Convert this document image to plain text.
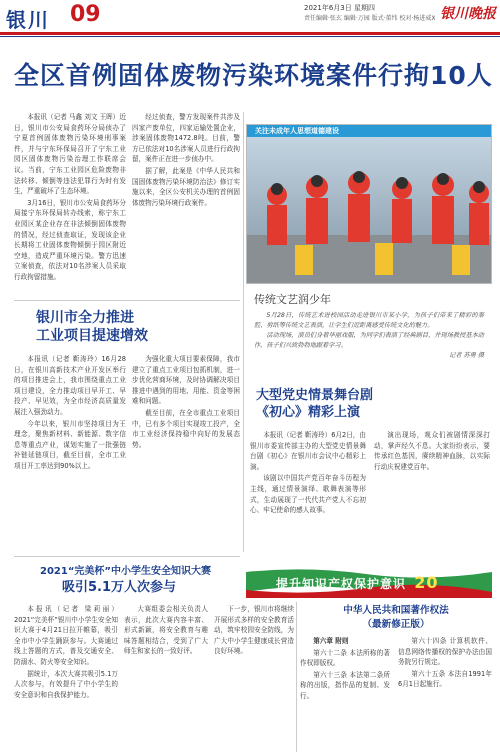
银川 09	2021年6月3日 星期四
责任编辑·张玄 编辑·万园 版式·董纬 校对·杨进威X 银川晚报
全区首例固体废物污染环境案件行拘10人

本报讯（记者 马鑫 刘文 王晖）近日，银川市公安局食药环分局侦办了宁夏首例固体废物污染环境刑事案件，并与宁东环保局召开了宁东工业园区固体废物污染治理工作联席会议。当前，宁东工业园区危险废物非法转移、倾倒等违法犯罪行为时有发生，严重破坏了生态环境。

3月16日，银川市公安局食药环分局接宁东环保局转办线索，称宁东工业园区某企业存在非法倾倒固体废物的情况，经过侦查取证，发现该企业长期将工业固体废物倾倒于园区附近空地，造成严重环境污染。警方迅速立案侦查，依法对10名涉案人员采取行政拘留措施。

经过侦查，警方发现案件共涉及四家产废单位，四家运输处置企业，涉案固体废物1472.8吨。目前，警方已依法对10名涉案人员进行行政拘留，案件正在进一步侦办中。

据了解，此案是《中华人民共和国固体废物污染环境防治法》修订实施以来，全区公安机关办理的首例固体废物污染环境行政案件。

关注未成年人思想道德建设
传统文艺润少年

5月28日，传统艺术进校园活动走进银川市某小学，为孩子们带来了精彩的秦腔、剪纸等传统文艺表演，让学生们近距离感受传统文化的魅力。

活动现场，演员们身着华丽戏服，为同学们表演了经典剧目，并现场教授基本动作，孩子们兴致勃勃地跟着学习。

记者 苏勇 摄

银川市全力推进
工业项目提速增效

本报讯（记者 靳涛玲）16月28日，在银川高新技术产业开发区举行的项目推进会上，我市围绕重点工业项目建设，全力推动项目早开工、早投产、早见效，为全市经济高质量发展注入强劲动力。

今年以来，银川市坚持项目为王理念，聚焦新材料、新能源、数字信息等重点产业，谋划实施了一批强链补链延链项目，截至目前，全市工业项目开工率达到90%以上。

为强化重大项目要素保障，我市建立了重点工业项目包抓机制，进一步优化营商环境，及时协调解决项目推进中遇到的用地、用能、资金等困难和问题。

截至目前，在全市重点工业项目中，已有多个项目实现竣工投产，全市工业经济保持稳中向好的发展态势。

大型党史情景舞台剧
《初心》精彩上演

本报讯（记者 靳涛玲）6月2日，由银川市委宣传部主办的大型党史情景舞台剧《初心》在银川市会议中心精彩上演。

该剧以中国共产党百年奋斗历程为主线，通过情景演绎、歌舞表演等形式，生动展现了一代代共产党人不忘初心、牢记使命的感人故事。

演出现场，观众们被剧情深深打动，掌声经久不息。大家纷纷表示，要传承红色基因，赓续精神血脉，以实际行动庆祝建党百年。

2021“完美杯”中小学生安全知识大赛
吸引5.1万人次参与

本报讯（记者 梁莉丽）2021“完美杯”银川中小学生安全知识大赛于4月21日拉开帷幕，吸引全市中小学生踊跃参与。大赛通过线上答题的方式，普及交通安全、防溺水、防火等安全知识。

据统计，本次大赛共吸引5.1万人次参与，有效提升了中小学生的安全意识和自我保护能力。

大赛组委会相关负责人表示，此次大赛内容丰富、形式新颖，将安全教育与趣味答题相结合，受到了广大师生和家长的一致好评。

下一步，银川市将继续开展形式多样的安全教育活动，筑牢校园安全防线，为广大中小学生健康成长营造良好环境。

提升知识产权保护意识 20
中华人民共和国著作权法
（最新修正版）

第六章 附则

第六十二条 本法所称的著作权即版权。

第六十三条 本法第二条所称的出版，指作品的复制、发行。

第六十四条 计算机软件、信息网络传播权的保护办法由国务院另行规定。

第六十五条 本法自1991年6月1日起施行。
